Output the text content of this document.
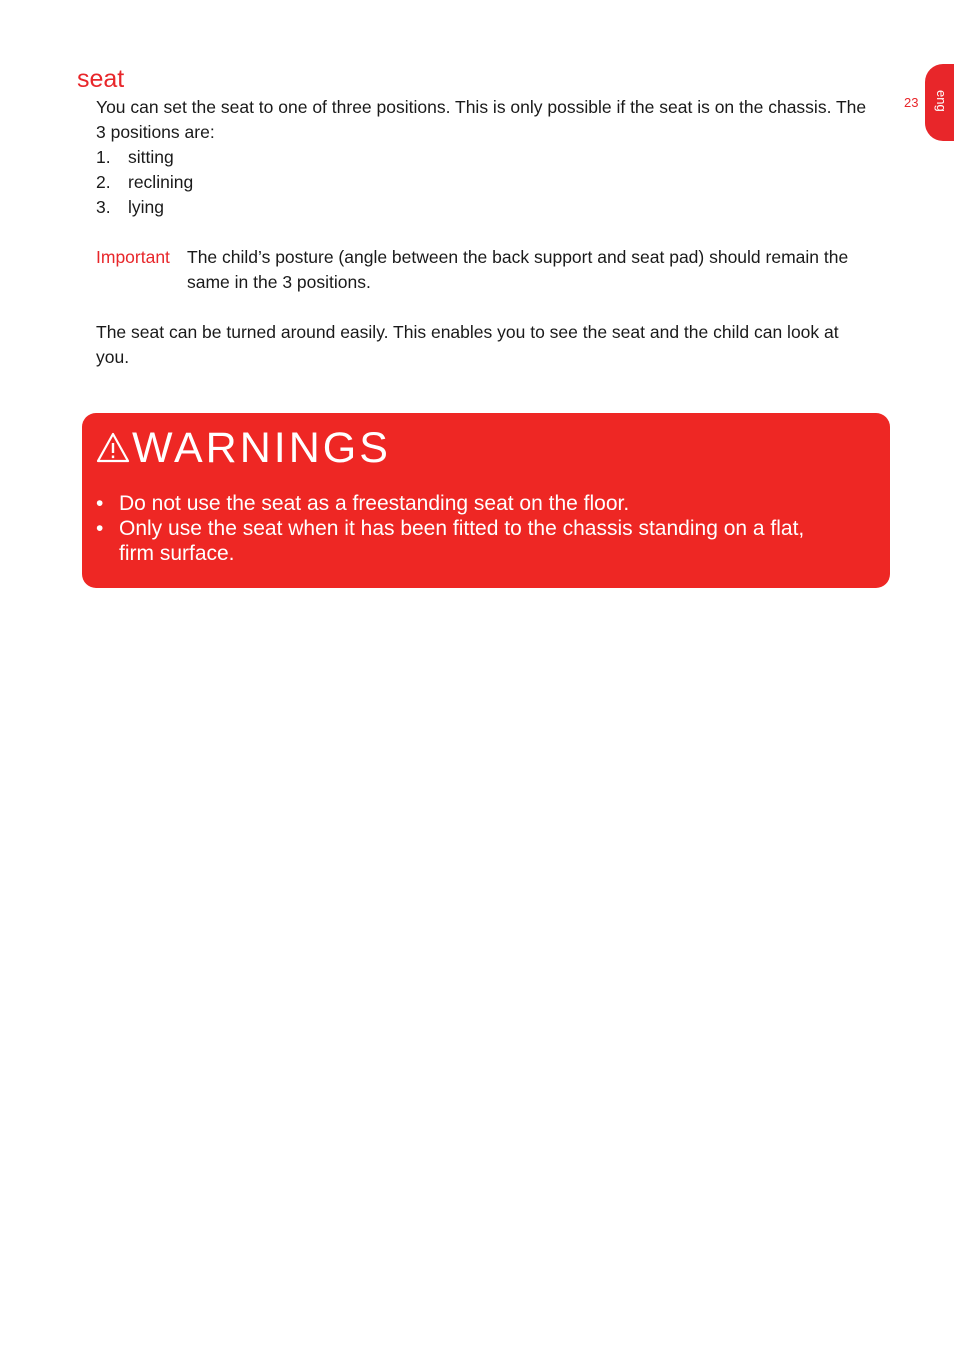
seat
You can set the seat to one of three positions. This is only possible if the seat is on the chassis. The 3 positions are:
1. sitting
2. reclining
3. lying
Important The child’s posture (angle between the back support and seat pad) should remain the same in the 3 positions.
The seat can be turned around easily. This enables you to see the seat and the child can look at you.
23 eng
WARNINGS
• Do not use the seat as a freestanding seat on the floor.
• Only use the seat when it has been fitted to the chassis standing on a flat, firm surface.
